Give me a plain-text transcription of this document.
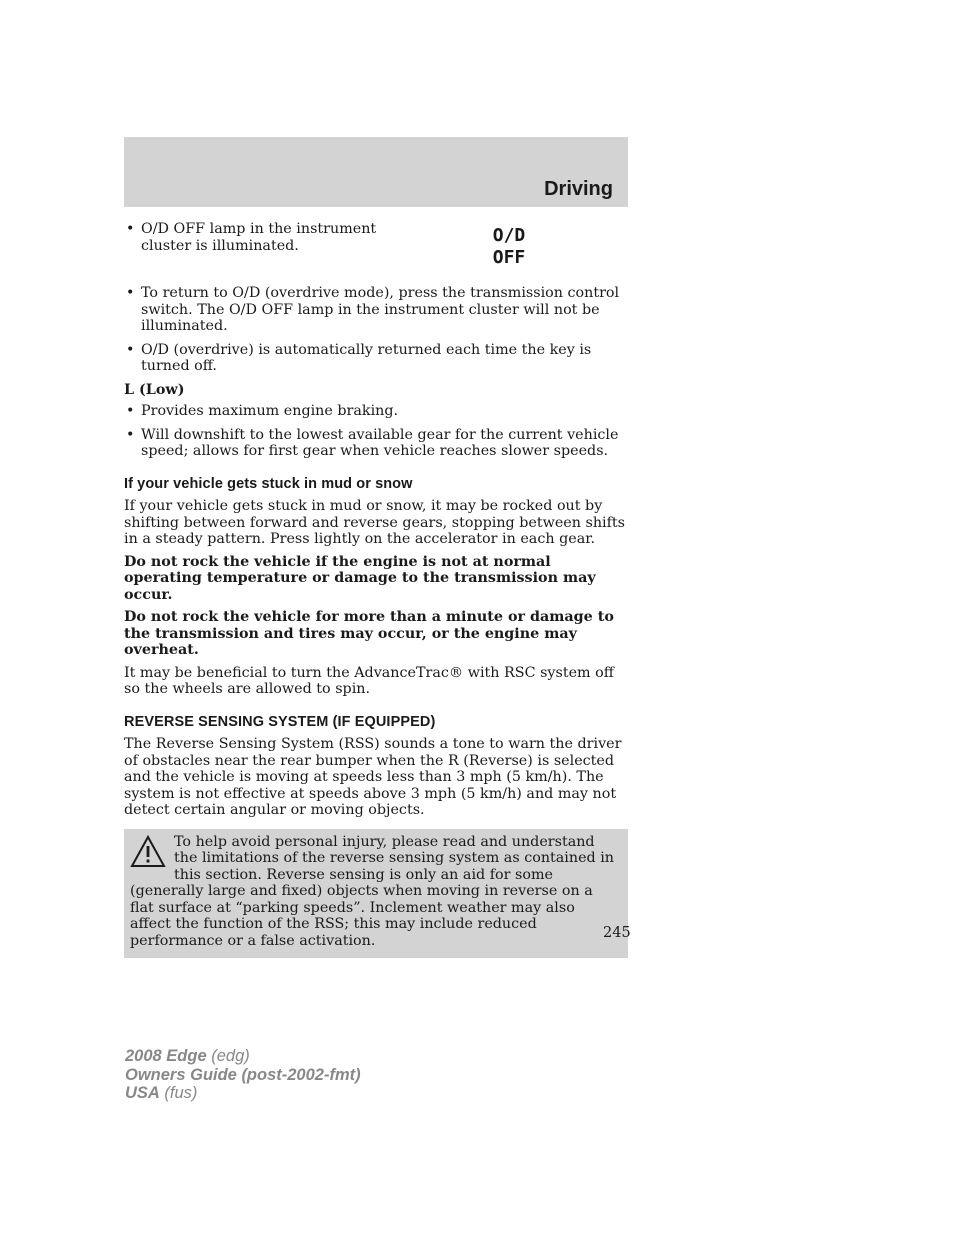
Driving
• O/D OFF lamp in the instrument cluster is illuminated.	O/D
OFF
• To return to O/D (overdrive mode), press the transmission control switch. The O/D OFF lamp in the instrument cluster will not be illuminated.
• O/D (overdrive) is automatically returned each time the key is turned off.
L (Low)
• Provides maximum engine braking.
• Will downshift to the lowest available gear for the current vehicle speed; allows for first gear when vehicle reaches slower speeds.
If your vehicle gets stuck in mud or snow

If your vehicle gets stuck in mud or snow, it may be rocked out by shifting between forward and reverse gears, stopping between shifts in a steady pattern. Press lightly on the accelerator in each gear.

Do not rock the vehicle if the engine is not at normal operating temperature or damage to the transmission may occur.

Do not rock the vehicle for more than a minute or damage to the transmission and tires may occur, or the engine may overheat.

It may be beneficial to turn the AdvanceTrac® with RSC system off so the wheels are allowed to spin.

REVERSE SENSING SYSTEM (IF EQUIPPED)

The Reverse Sensing System (RSS) sounds a tone to warn the driver of obstacles near the rear bumper when the R (Reverse) is selected and the vehicle is moving at speeds less than 3 mph (5 km/h). The system is not effective at speeds above 3 mph (5 km/h) and may not detect certain angular or moving objects.

To help avoid personal injury, please read and understand the limitations of the reverse sensing system as contained in this section. Reverse sensing is only an aid for some (generally large and fixed) objects when moving in reverse on a flat surface at “parking speeds”. Inclement weather may also affect the function of the RSS; this may include reduced performance or a false activation.	245
2008 Edge (edg)
Owners Guide (post-2002-fmt)
USA (fus)
